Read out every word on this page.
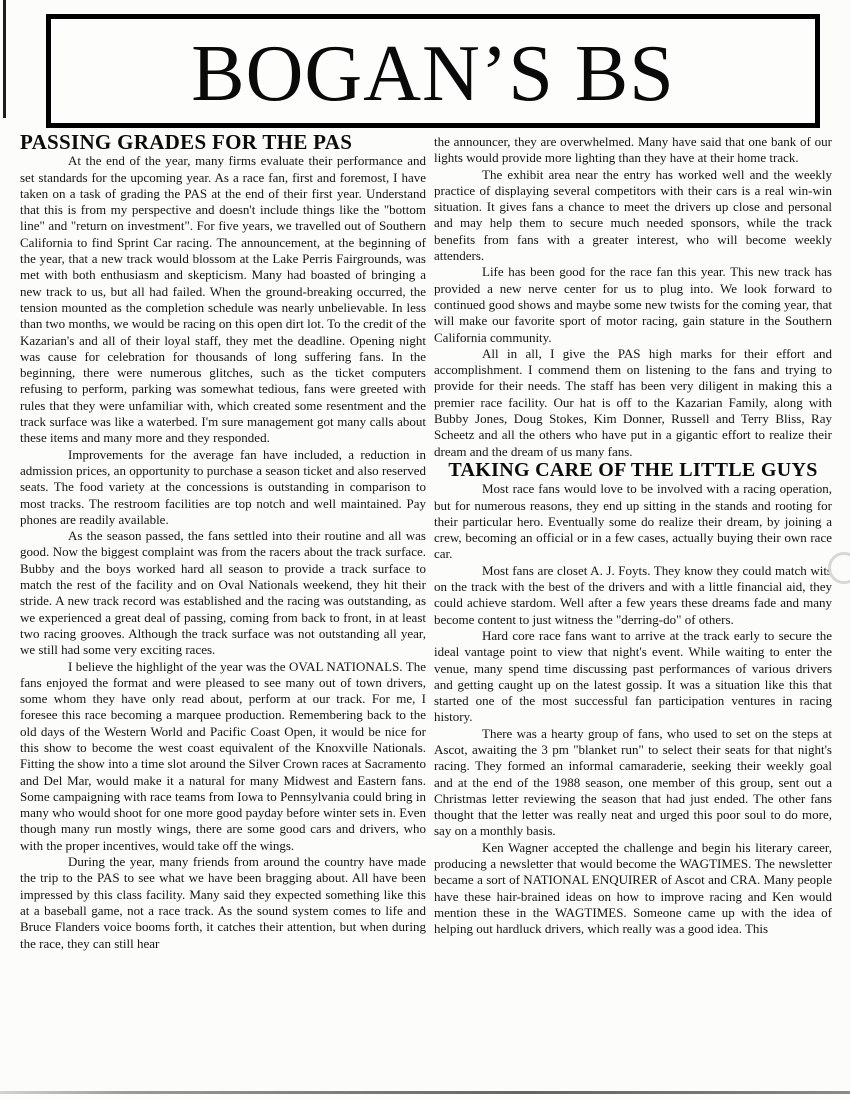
BOGAN’S BS
PASSING GRADES FOR THE PAS

At the end of the year, many firms evaluate their performance and set standards for the upcoming year. As a race fan, first and foremost, I have taken on a task of grading the PAS at the end of their first year. Understand that this is from my perspective and doesn't include things like the "bottom line" and "return on investment". For five years, we travelled out of Southern California to find Sprint Car racing. The announcement, at the beginning of the year, that a new track would blossom at the Lake Perris Fairgrounds, was met with both enthusiasm and skepticism. Many had boasted of bringing a new track to us, but all had failed. When the ground-breaking occurred, the tension mounted as the completion schedule was nearly unbelievable. In less than two months, we would be racing on this open dirt lot. To the credit of the Kazarian's and all of their loyal staff, they met the deadline. Opening night was cause for celebration for thousands of long suffering fans. In the beginning, there were numerous glitches, such as the ticket computers refusing to perform, parking was somewhat tedious, fans were greeted with rules that they were unfamiliar with, which created some resentment and the track surface was like a waterbed. I'm sure management got many calls about these items and many more and they responded.

Improvements for the average fan have included, a reduction in admission prices, an opportunity to purchase a season ticket and also reserved seats. The food variety at the concessions is outstanding in comparison to most tracks. The restroom facilities are top notch and well maintained. Pay phones are readily available.

As the season passed, the fans settled into their routine and all was good. Now the biggest complaint was from the racers about the track surface. Bubby and the boys worked hard all season to provide a track surface to match the rest of the facility and on Oval Nationals weekend, they hit their stride. A new track record was established and the racing was outstanding, as we experienced a great deal of passing, coming from back to front, in at least two racing grooves. Although the track surface was not outstanding all year, we still had some very exciting races.

I believe the highlight of the year was the OVAL NATIONALS. The fans enjoyed the format and were pleased to see many out of town drivers, some whom they have only read about, perform at our track. For me, I foresee this race becoming a marquee production. Remembering back to the old days of the Western World and Pacific Coast Open, it would be nice for this show to become the west coast equivalent of the Knoxville Nationals. Fitting the show into a time slot around the Silver Crown races at Sacramento and Del Mar, would make it a natural for many Midwest and Eastern fans. Some campaigning with race teams from Iowa to Pennsylvania could bring in many who would shoot for one more good payday before winter sets in. Even though many run mostly wings, there are some good cars and drivers, who with the proper incentives, would take off the wings.

During the year, many friends from around the country have made the trip to the PAS to see what we have been bragging about. All have been impressed by this class facility. Many said they expected something like this at a baseball game, not a race track. As the sound system comes to life and Bruce Flanders voice booms forth, it catches their attention, but when during the race, they can still hear

the announcer, they are overwhelmed. Many have said that one bank of our lights would provide more lighting than they have at their home track.

The exhibit area near the entry has worked well and the weekly practice of displaying several competitors with their cars is a real win-win situation. It gives fans a chance to meet the drivers up close and personal and may help them to secure much needed sponsors, while the track benefits from fans with a greater interest, who will become weekly attenders.

Life has been good for the race fan this year. This new track has provided a new nerve center for us to plug into. We look forward to continued good shows and maybe some new twists for the coming year, that will make our favorite sport of motor racing, gain stature in the Southern California community.

All in all, I give the PAS high marks for their effort and accomplishment. I commend them on listening to the fans and trying to provide for their needs. The staff has been very diligent in making this a premier race facility. Our hat is off to the Kazarian Family, along with Bubby Jones, Doug Stokes, Kim Donner, Russell and Terry Bliss, Ray Scheetz and all the others who have put in a gigantic effort to realize their dream and the dream of us many fans.

TAKING CARE OF THE LITTLE GUYS

Most race fans would love to be involved with a racing operation, but for numerous reasons, they end up sitting in the stands and rooting for their particular hero. Eventually some do realize their dream, by joining a crew, becoming an official or in a few cases, actually buying their own race car.

Most fans are closet A. J. Foyts. They know they could match wits on the track with the best of the drivers and with a little financial aid, they could achieve stardom. Well after a few years these dreams fade and many become content to just witness the "derring-do" of others.

Hard core race fans want to arrive at the track early to secure the ideal vantage point to view that night's event. While waiting to enter the venue, many spend time discussing past performances of various drivers and getting caught up on the latest gossip. It was a situation like this that started one of the most successful fan participation ventures in racing history.

There was a hearty group of fans, who used to set on the steps at Ascot, awaiting the 3 pm "blanket run" to select their seats for that night's racing. They formed an informal camaraderie, seeking their weekly goal and at the end of the 1988 season, one member of this group, sent out a Christmas letter reviewing the season that had just ended. The other fans thought that the letter was really neat and urged this poor soul to do more, say on a monthly basis.

Ken Wagner accepted the challenge and begin his literary career, producing a newsletter that would become the WAGTIMES. The newsletter became a sort of NATIONAL ENQUIRER of Ascot and CRA. Many people have these hair-brained ideas on how to improve racing and Ken would mention these in the WAGTIMES. Someone came up with the idea of helping out hardluck drivers, which really was a good idea. This
